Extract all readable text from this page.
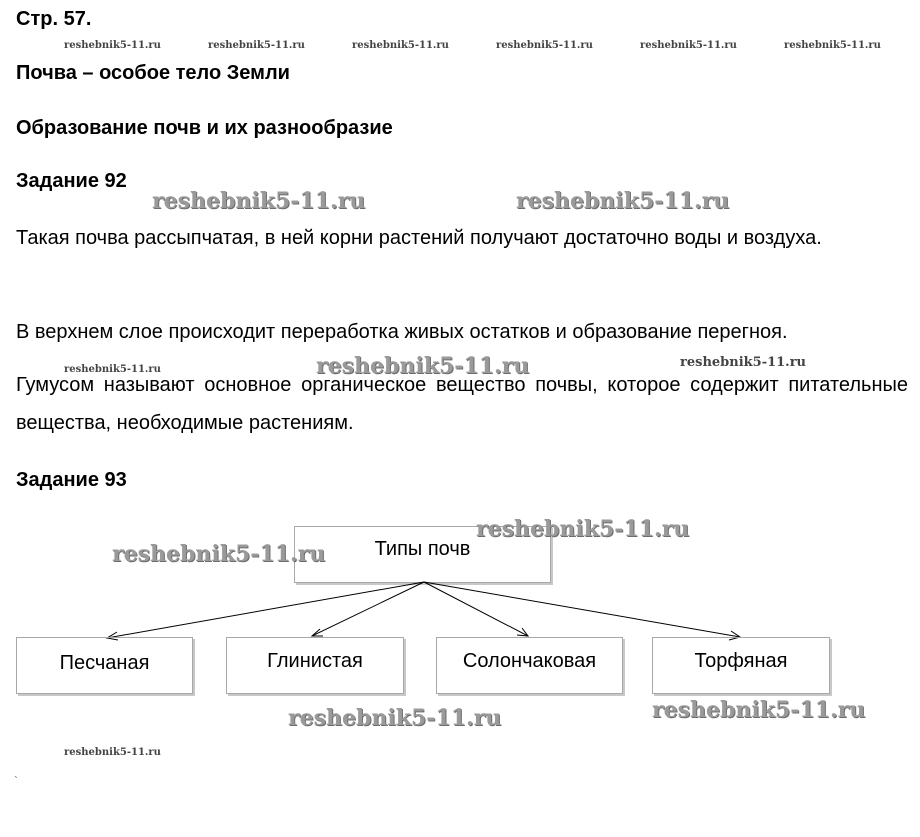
Стр. 57.
reshebnik5-11.ru	reshebnik5-11.ru	reshebnik5-11.ru	reshebnik5-11.ru	reshebnik5-11.ru	reshebnik5-11.ru
Почва – особое тело Земли
Образование почв и их разнообразие
Задание 92
reshebnik5-11.ru	reshebnik5-11.ru
Такая почва рассыпчатая, в ней корни растений получают достаточно воды и воздуха.
В верхнем слое происходит переработка живых остатков и образование перегноя.
reshebnik5-11.ru	reshebnik5-11.ru	reshebnik5-11.ru
Гумусом называют основное органическое вещество почвы, которое содержит питательные вещества, необходимые растениям.
Задание 93
Типы почв
reshebnik5-11.ru
reshebnik5-11.ru
Песчаная	Глинистая	Солончаковая	Торфяная
reshebnik5-11.ru	reshebnik5-11.ru
reshebnik5-11.ru
`
